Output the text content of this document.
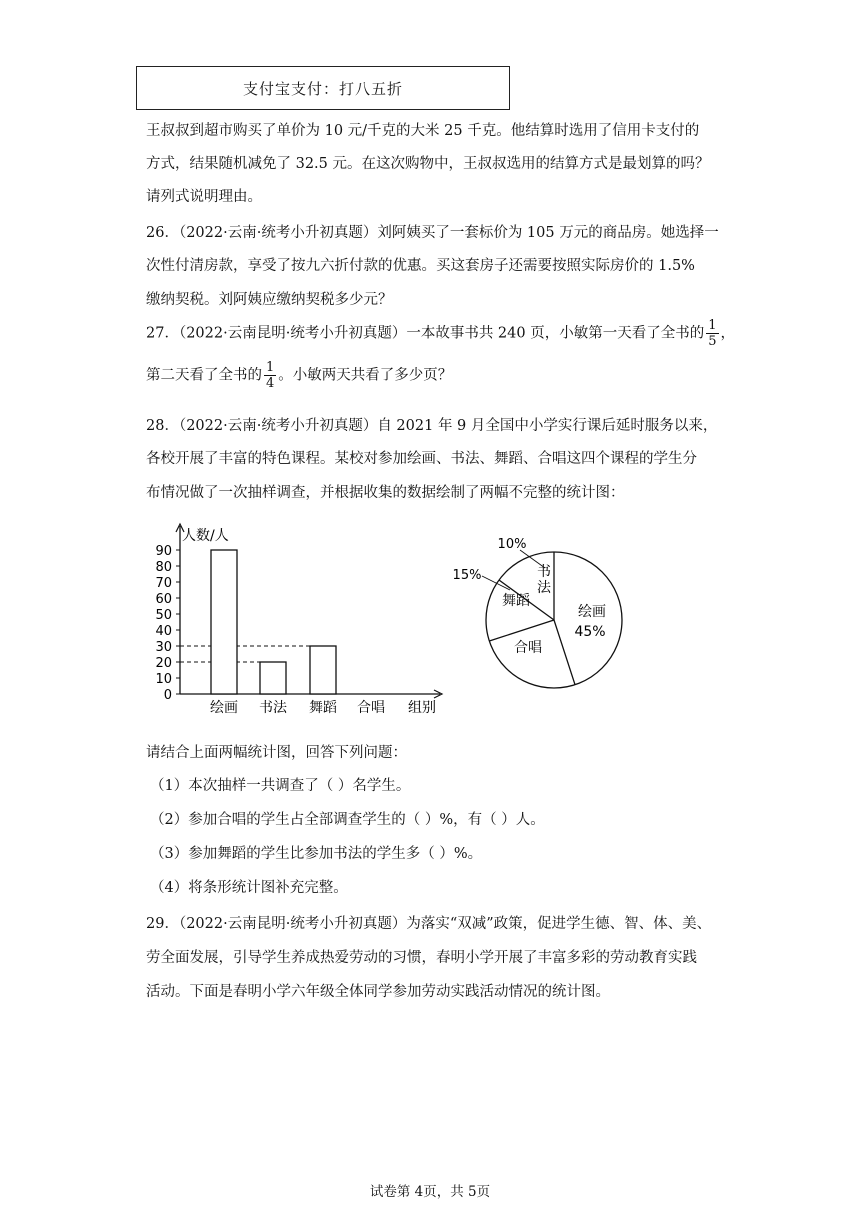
支付宝支付：打八五折
王叔叔到超市购买了单价为 10 元/千克的大米 25 千克。他结算时选用了信用卡支付的
方式，结果随机减免了 32.5 元。在这次购物中，王叔叔选用的结算方式是最划算的吗？
请列式说明理由。
26．（2022·云南·统考小升初真题）刘阿姨买了一套标价为 105 万元的商品房。她选择一
次性付清房款，享受了按九六折付款的优惠。买这套房子还需要按照实际房价的 1.5%
缴纳契税。刘阿姨应缴纳契税多少元？
27．（2022·云南昆明·统考小升初真题）一本故事书共 240 页，小敏第一天看了全书的 $\frac{1}{5}$ ，
第二天看了全书的 $\frac{1}{4}$ 。小敏两天共看了多少页？
28．（2022·云南·统考小升初真题）自 2021 年 9 月全国中小学实行课后延时服务以来，
各校开展了丰富的特色课程。某校对参加绘画、书法、舞蹈、合唱这四个课程的学生分
布情况做了一次抽样调查，并根据收集的数据绘制了两幅不完整的统计图：
人数/人
0
10
20
30
40
50
60
70
80
90
绘画 书法 舞蹈 合唱 组别
书
法
绘画
45%
合唱
舞蹈
10%
15%
请结合上面两幅统计图，回答下列问题：
（1）本次抽样一共调查了（ ）名学生。
（2）参加合唱的学生占全部调查学生的（ ）%，有（ ）人。
（3）参加舞蹈的学生比参加书法的学生多（ ）%。
（4）将条形统计图补充完整。
29．（2022·云南昆明·统考小升初真题）为落实“双减”政策，促进学生德、智、体、美、
劳全面发展，引导学生养成热爱劳动的习惯，春明小学开展了丰富多彩的劳动教育实践
活动。下面是春明小学六年级全体同学参加劳动实践活动情况的统计图。
试卷第 4页，共 5页
